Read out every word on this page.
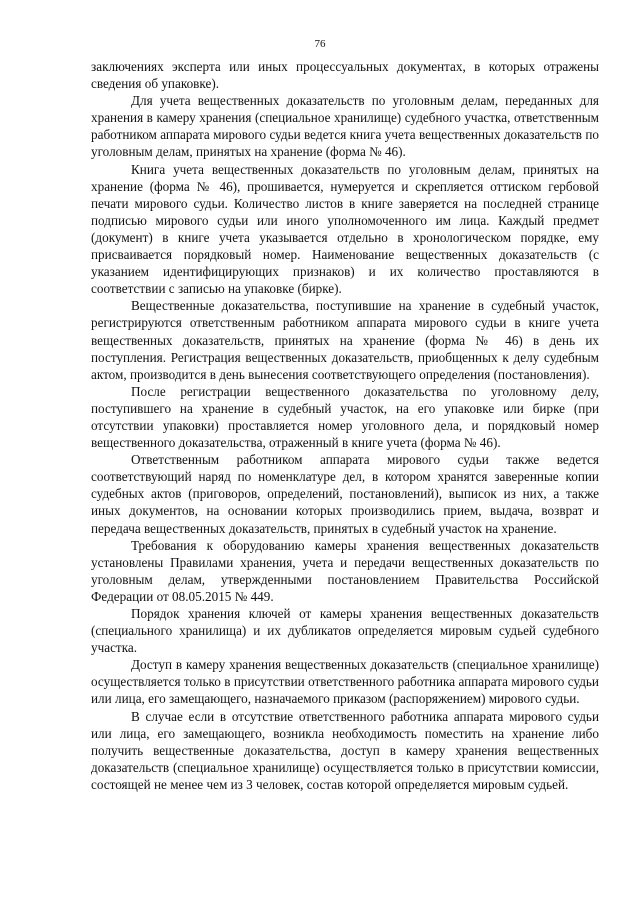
76

заключениях эксперта или иных процессуальных документах, в которых отражены сведения об упаковке).

Для учета вещественных доказательств по уголовным делам, переданных для хранения в камеру хранения (специальное хранилище) судебного участка, ответственным работником аппарата мирового судьи ведется книга учета вещественных доказательств по уголовным делам, принятых на хранение (форма № 46).

Книга учета вещественных доказательств по уголовным делам, принятых на хранение (форма № 46), прошивается, нумеруется и скрепляется оттиском гербовой печати мирового судьи. Количество листов в книге заверяется на последней странице подписью мирового судьи или иного уполномоченного им лица. Каждый предмет (документ) в книге учета указывается отдельно в хронологическом порядке, ему присваивается порядковый номер. Наименование вещественных доказательств (с указанием идентифицирующих признаков) и их количество проставляются в соответствии с записью на упаковке (бирке).

Вещественные доказательства, поступившие на хранение в судебный участок, регистрируются ответственным работником аппарата мирового судьи в книге учета вещественных доказательств, принятых на хранение (форма № 46) в день их поступления. Регистрация вещественных доказательств, приобщенных к делу судебным актом, производится в день вынесения соответствующего определения (постановления).

После регистрации вещественного доказательства по уголовному делу, поступившего на хранение в судебный участок, на его упаковке или бирке (при отсутствии упаковки) проставляется номер уголовного дела, и порядковый номер вещественного доказательства, отраженный в книге учета (форма № 46).

Ответственным работником аппарата мирового судьи также ведется соответствующий наряд по номенклатуре дел, в котором хранятся заверенные копии судебных актов (приговоров, определений, постановлений), выписок из них, а также иных документов, на основании которых производились прием, выдача, возврат и передача вещественных доказательств, принятых в судебный участок на хранение.

Требования к оборудованию камеры хранения вещественных доказательств установлены Правилами хранения, учета и передачи вещественных доказательств по уголовным делам, утвержденными постановлением Правительства Российской Федерации от 08.05.2015 № 449.

Порядок хранения ключей от камеры хранения вещественных доказательств (специального хранилища) и их дубликатов определяется мировым судьей судебного участка.

Доступ в камеру хранения вещественных доказательств (специальное хранилище) осуществляется только в присутствии ответственного работника аппарата мирового судьи или лица, его замещающего, назначаемого приказом (распоряжением) мирового судьи.

В случае если в отсутствие ответственного работника аппарата мирового судьи или лица, его замещающего, возникла необходимость поместить на хранение либо получить вещественные доказательства, доступ в камеру хранения вещественных доказательств (специальное хранилище) осуществляется только в присутствии комиссии, состоящей не менее чем из 3 человек, состав которой определяется мировым судьей.
